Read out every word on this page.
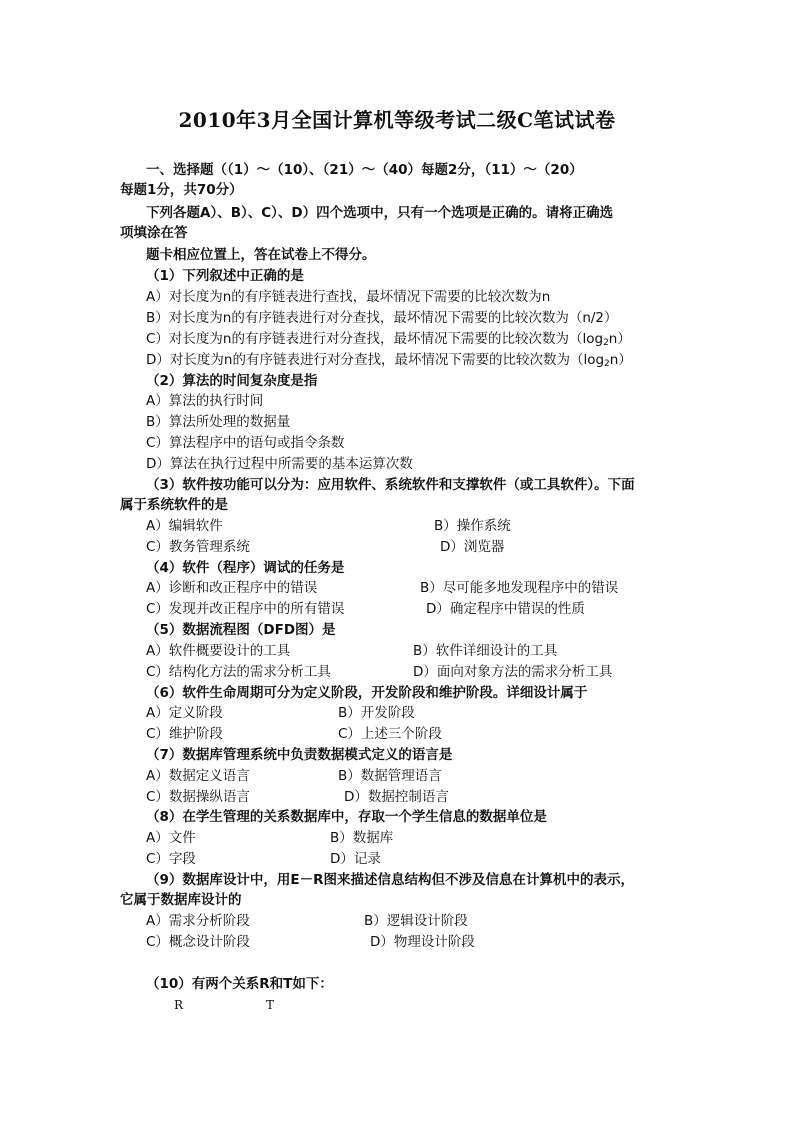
2010年3月全国计算机等级考试二级C笔试试卷
一、选择题（（1）～（10）、（21）～（40）每题2分，（11）～（20）
每题1分，共70分）
下列各题A）、B）、C）、D）四个选项中，只有一个选项是正确的。请将正确选
项填涂在答
题卡相应位置上，答在试卷上不得分。
（1）下列叙述中正确的是
A）对长度为n的有序链表进行查找，最坏情况下需要的比较次数为n
B）对长度为n的有序链表进行对分查找，最坏情况下需要的比较次数为（n/2）
C）对长度为n的有序链表进行对分查找，最坏情况下需要的比较次数为$(\log_2n)$
D）对长度为n的有序链表进行对分查找，最坏情况下需要的比较次数为$(\log_2n)$
（2）算法的时间复杂度是指
A）算法的执行时间
B）算法所处理的数据量
C）算法程序中的语句或指令条数
D）算法在执行过程中所需要的基本运算次数
（3）软件按功能可以分为：应用软件、系统软件和支撑软件（或工具软件）。下面
属于系统软件的是
A）编辑软件	B）操作系统
C）教务管理系统	D）浏览器
（4）软件（程序）调试的任务是
A）诊断和改正程序中的错误	B）尽可能多地发现程序中的错误
C）发现并改正程序中的所有错误	D）确定程序中错误的性质
（5）数据流程图（DFD图）是
A）软件概要设计的工具	B）软件详细设计的工具
C）结构化方法的需求分析工具	D）面向对象方法的需求分析工具
（6）软件生命周期可分为定义阶段，开发阶段和维护阶段。详细设计属于
A）定义阶段	B）开发阶段
C）维护阶段	C）上述三个阶段
（7）数据库管理系统中负责数据模式定义的语言是
A）数据定义语言	B）数据管理语言
C）数据操纵语言	D）数据控制语言
（8）在学生管理的关系数据库中，存取一个学生信息的数据单位是
A）文件	B）数据库
C）字段	D）记录
（9）数据库设计中，用E－R图来描述信息结构但不涉及信息在计算机中的表示，
它属于数据库设计的
A）需求分析阶段	B）逻辑设计阶段
C）概念设计阶段	D）物理设计阶段
（10）有两个关系R和T如下：
R	T
